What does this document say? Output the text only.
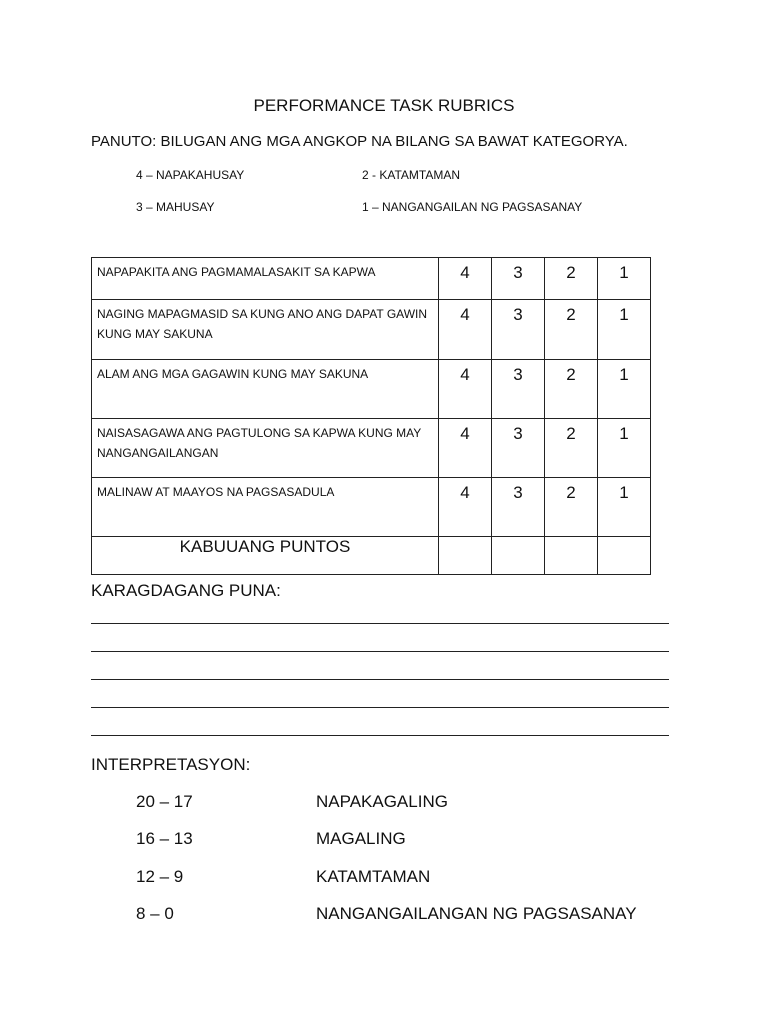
PERFORMANCE TASK RUBRICS
PANUTO: BILUGAN ANG MGA ANGKOP NA BILANG SA BAWAT KATEGORYA.
4 – NAPAKAHUSAY	2 - KATAMTAMAN
3 – MAHUSAY	1 – NANGANGAILAN NG PAGSASANAY
NAPAPAKITA ANG PAGMAMALASAKIT SA KAPWA	4	3	2	1
NAGING MAPAGMASID SA KUNG ANO ANG DAPAT GAWIN KUNG MAY SAKUNA	4	3	2	1
ALAM ANG MGA GAGAWIN KUNG MAY SAKUNA	4	3	2	1
NAISASAGAWA ANG PAGTULONG SA KAPWA KUNG MAY NANGANGAILANGAN	4	3	2	1
MALINAW AT MAAYOS NA PAGSASADULA	4	3	2	1
KABUUANG PUNTOS				
KARAGDAGANG PUNA:
INTERPRETASYON:
20 – 17	NAPAKAGALING
16 – 13	MAGALING
12 – 9	KATAMTAMAN
8 – 0	NANGANGAILANGAN NG PAGSASANAY
